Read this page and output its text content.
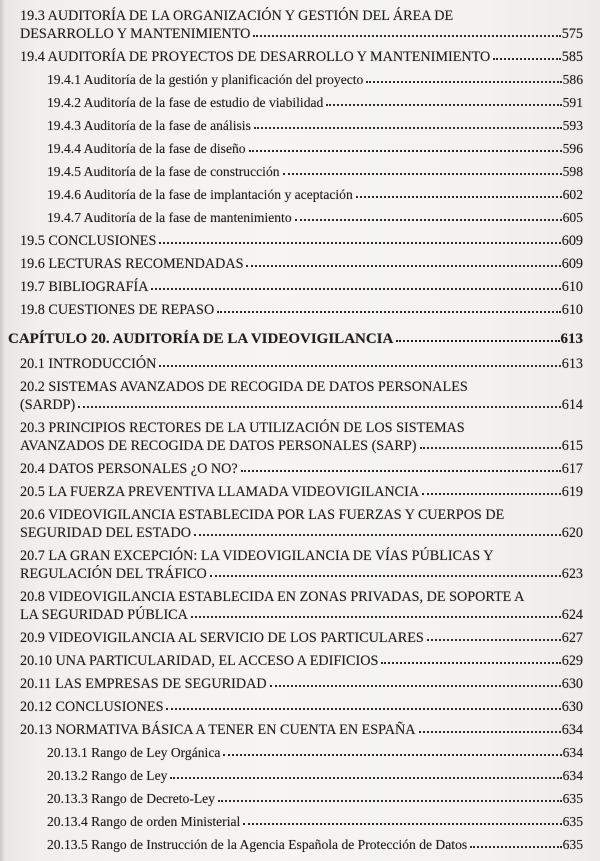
19.3 AUDITORÍA DE LA ORGANIZACIÓN Y GESTIÓN DEL ÁREA DE
DESARROLLO Y MANTENIMIENTO	575
19.4 AUDITORÍA DE PROYECTOS DE DESARROLLO Y MANTENIMIENTO	585
19.4.1 Auditoría de la gestión y planificación del proyecto	586
19.4.2 Auditoría de la fase de estudio de viabilidad	591
19.4.3 Auditoría de la fase de análisis	593
19.4.4 Auditoría de la fase de diseño	596
19.4.5 Auditoría de la fase de construcción	598
19.4.6 Auditoría de la fase de implantación y aceptación	602
19.4.7 Auditoría de la fase de mantenimiento	605
19.5 CONCLUSIONES	609
19.6 LECTURAS RECOMENDADAS	609
19.7 BIBLIOGRAFÍA	610
19.8 CUESTIONES DE REPASO	610
CAPÍTULO 20. AUDITORÍA DE LA VIDEOVIGILANCIA	613
20.1 INTRODUCCIÓN	613
20.2 SISTEMAS AVANZADOS DE RECOGIDA DE DATOS PERSONALES
(SARDP)	614
20.3 PRINCIPIOS RECTORES DE LA UTILIZACIÓN DE LOS SISTEMAS
AVANZADOS DE RECOGIDA DE DATOS PERSONALES (SARP)	615
20.4 DATOS PERSONALES ¿O NO?	617
20.5 LA FUERZA PREVENTIVA LLAMADA VIDEOVIGILANCIA	619
20.6 VIDEOVIGILANCIA ESTABLECIDA POR LAS FUERZAS Y CUERPOS DE
SEGURIDAD DEL ESTADO	620
20.7 LA GRAN EXCEPCIÓN: LA VIDEOVIGILANCIA DE VÍAS PÚBLICAS Y
REGULACIÓN DEL TRÁFICO	623
20.8 VIDEOVIGILANCIA ESTABLECIDA EN ZONAS PRIVADAS, DE SOPORTE A
LA SEGURIDAD PÚBLICA	624
20.9 VIDEOVIGILANCIA AL SERVICIO DE LOS PARTICULARES	627
20.10 UNA PARTICULARIDAD, EL ACCESO A EDIFICIOS	629
20.11 LAS EMPRESAS DE SEGURIDAD	630
20.12 CONCLUSIONES	630
20.13 NORMATIVA BÁSICA A TENER EN CUENTA EN ESPAÑA	634
20.13.1 Rango de Ley Orgánica	634
20.13.2 Rango de Ley	634
20.13.3 Rango de Decreto-Ley	635
20.13.4 Rango de orden Ministerial	635
20.13.5 Rango de Instrucción de la Agencia Española de Protección de Datos	635
